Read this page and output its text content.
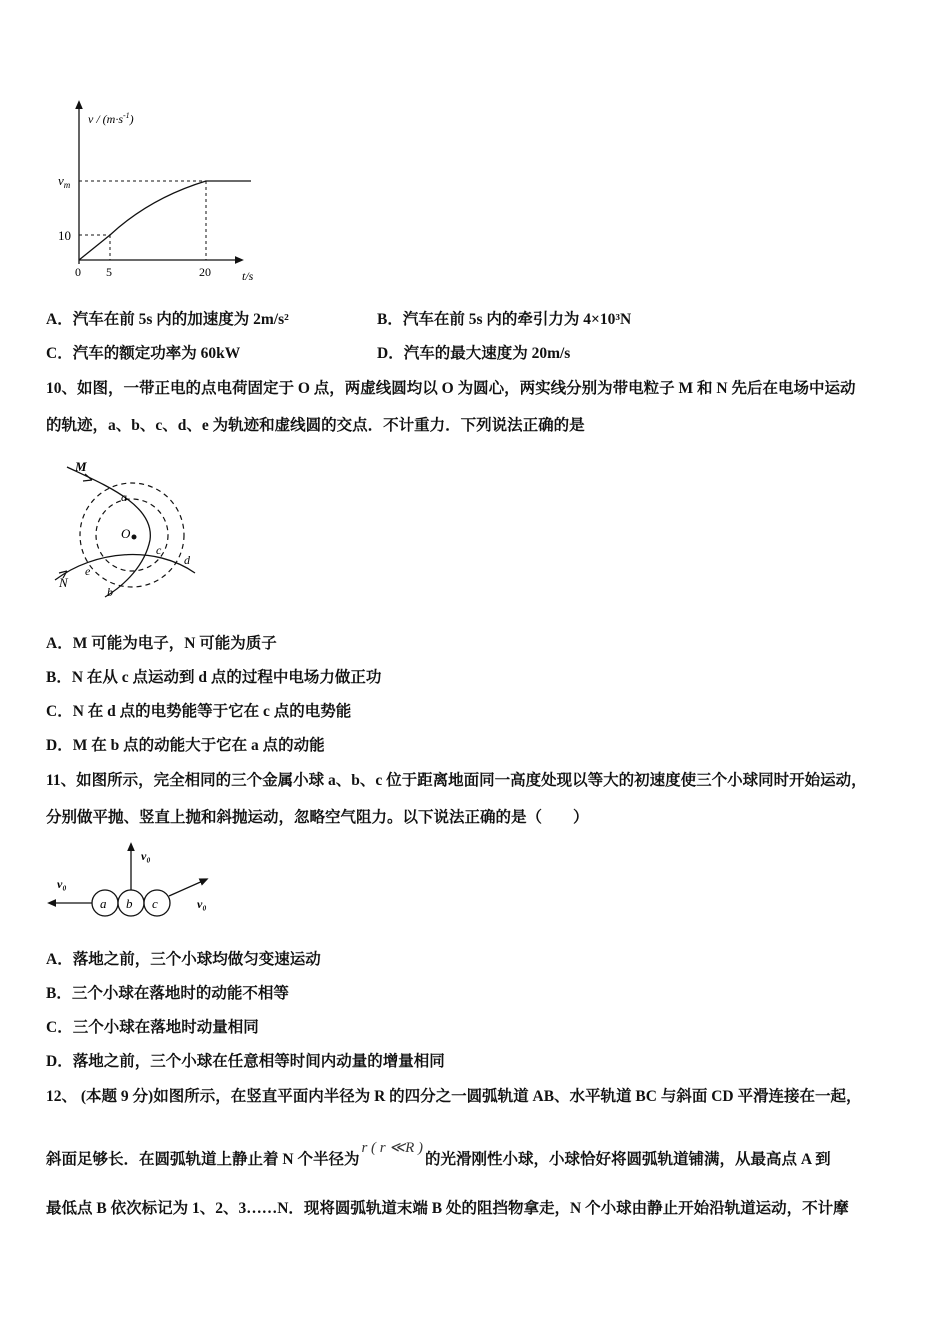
$v / (m\cdot s^{-1})$
$v_m$
10
0 5	20	t/s
A．汽车在前 5s 内的加速度为 2m/s²	B．汽车在前 5s 内的牵引力为 4×10³N
C．汽车的额定功率为 60kW	D．汽车的最大速度为 20m/s
10、如图，一带正电的点电荷固定于 O 点，两虚线圆均以 O 为圆心，两实线分别为带电粒子 M 和 N 先后在电场中运动
的轨迹，a、b、c、d、e 为轨迹和虚线圆的交点．不计重力．下列说法正确的是
M
N
O
a
b
c
d
e
A．M 可能为电子，N 可能为质子
B．N 在从 c 点运动到 d 点的过程中电场力做正功
C．N 在 d 点的电势能等于它在 c 点的电势能
D．M 在 b 点的动能大于它在 a 点的动能
11、如图所示，完全相同的三个金属小球 a、b、c 位于距离地面同一高度处现以等大的初速度使三个小球同时开始运动，
分别做平抛、竖直上抛和斜抛运动，忽略空气阻力。以下说法正确的是（　　）
a b c
v₀
v₀
v₀
A．落地之前，三个小球均做匀变速运动
B．三个小球在落地时的动能不相等
C．三个小球在落地时动量相同
D．落地之前，三个小球在任意相等时间内动量的增量相同
12、 (本题 9 分)如图所示，在竖直平面内半径为 R 的四分之一圆弧轨道 AB、水平轨道 BC 与斜面 CD 平滑连接在一起，
斜面足够长．在圆弧轨道上静止着 N 个半径为r ( r ≪R )的光滑刚性小球，小球恰好将圆弧轨道铺满，从最高点 A 到
最低点 B 依次标记为 1、2、3……N．现将圆弧轨道末端 B 处的阻挡物拿走，N 个小球由静止开始沿轨道运动，不计摩
